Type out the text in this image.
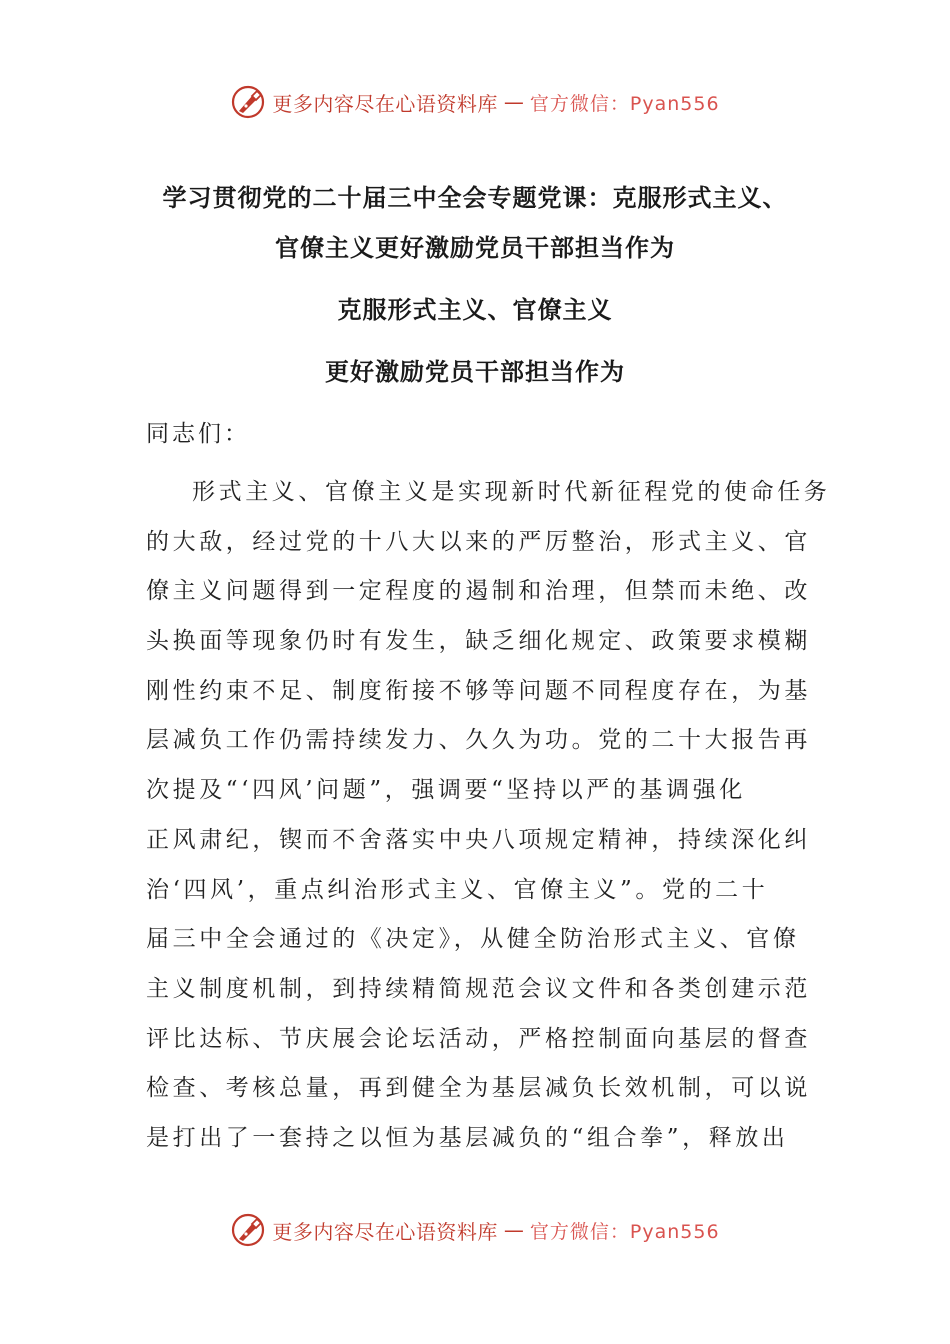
更多内容尽在心语资料库 — 官方微信：Pyan556
学习贯彻党的二十届三中全会专题党课：克服形式主义、
官僚主义更好激励党员干部担当作为
克服形式主义、官僚主义
更好激励党员干部担当作为
同志们：
形式主义、官僚主义是实现新时代新征程党的使命任务
的大敌，经过党的十八大以来的严厉整治，形式主义、官
僚主义问题得到一定程度的遏制和治理，但禁而未绝、改
头换面等现象仍时有发生，缺乏细化规定、政策要求模糊
刚性约束不足、制度衔接不够等问题不同程度存在，为基
层减负工作仍需持续发力、久久为功。党的二十大报告再
次提及“‘四风’问题”，强调要“坚持以严的基调强化
正风肃纪，锲而不舍落实中央八项规定精神，持续深化纠
治‘四风’，重点纠治形式主义、官僚主义”。党的二十
届三中全会通过的《决定》，从健全防治形式主义、官僚
主义制度机制，到持续精简规范会议文件和各类创建示范
评比达标、节庆展会论坛活动，严格控制面向基层的督查
检查、考核总量，再到健全为基层减负长效机制，可以说
是打出了一套持之以恒为基层减负的“组合拳”，释放出
更多内容尽在心语资料库 — 官方微信：Pyan556
